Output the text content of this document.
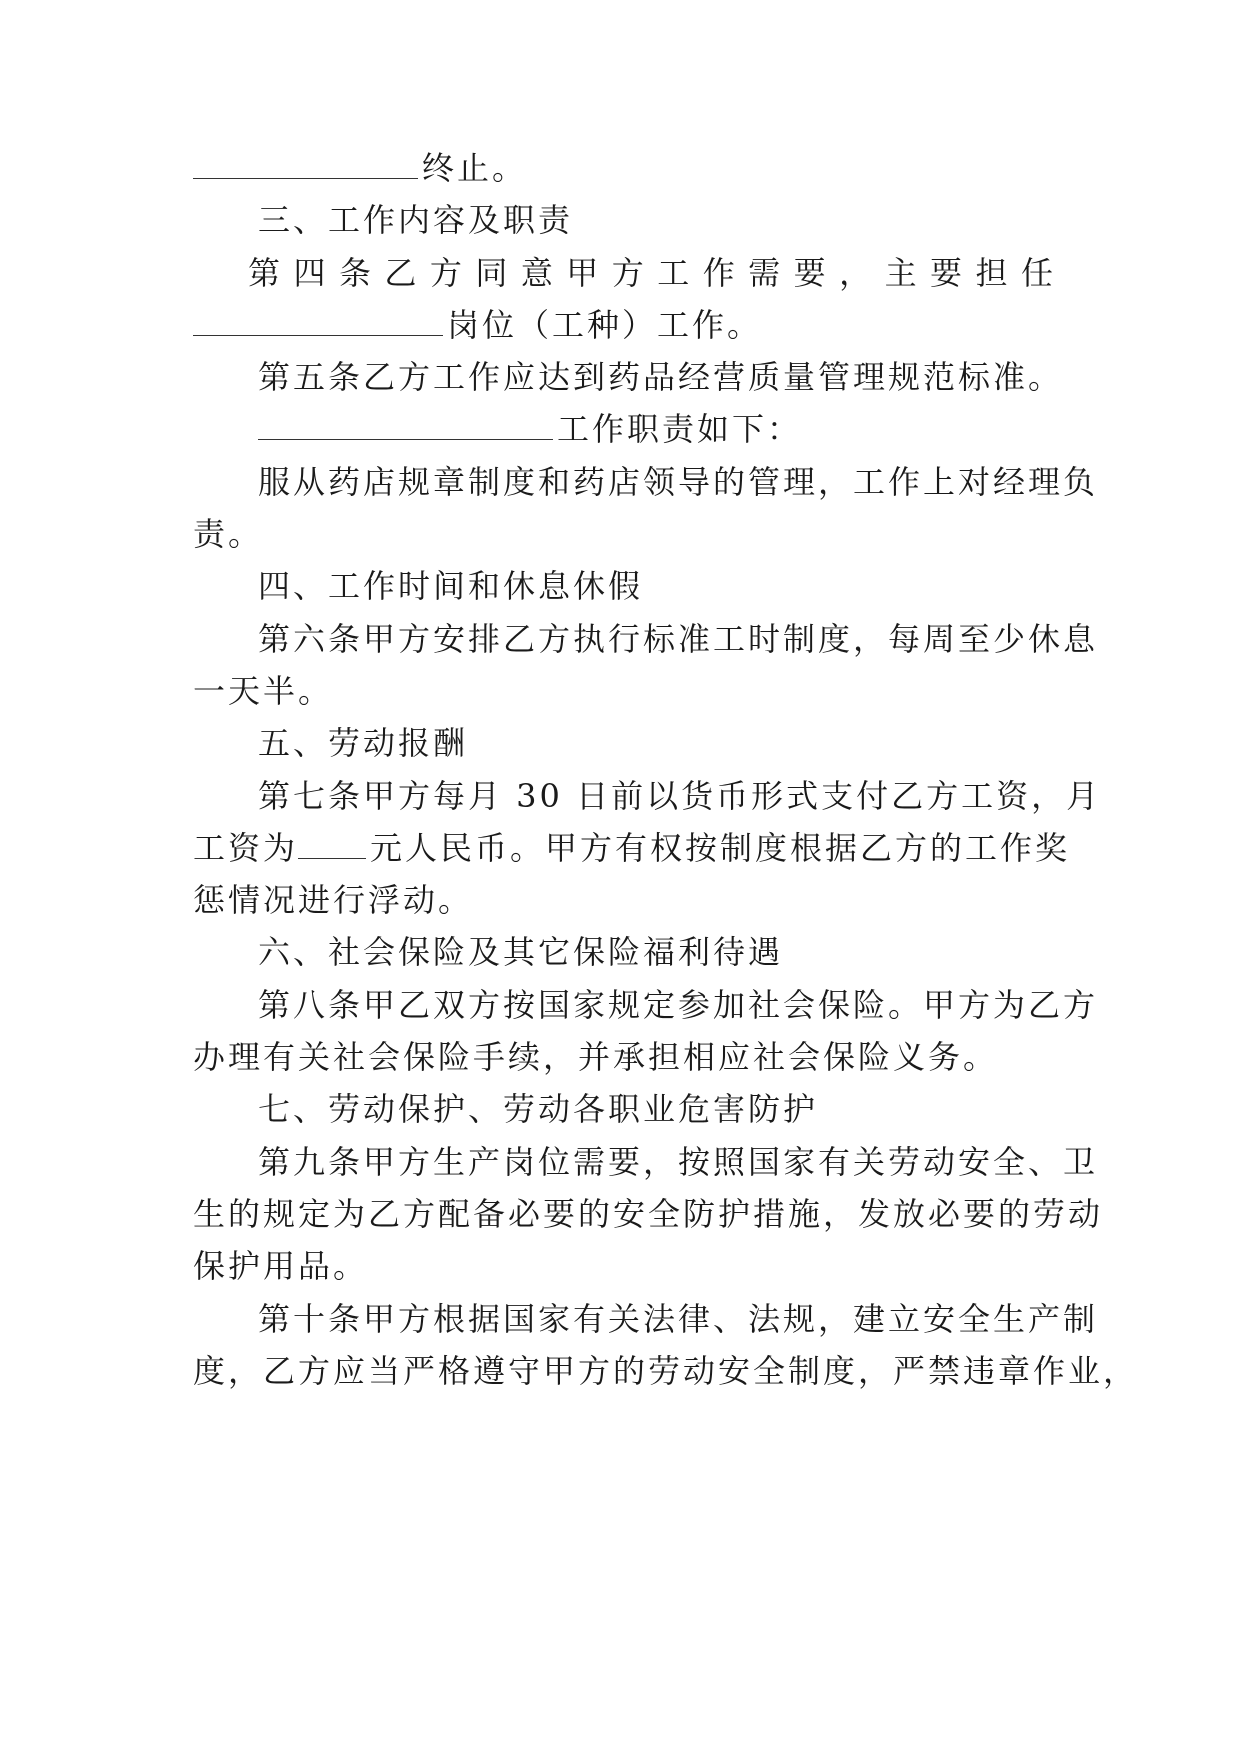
终止。
三、工作内容及职责
第四条乙方同意甲方工作需要，主要担任
岗位（工种）工作。
第五条乙方工作应达到药品经营质量管理规范标准。
工作职责如下：
服从药店规章制度和药店领导的管理，工作上对经理负
责。
四、工作时间和休息休假
第六条甲方安排乙方执行标准工时制度，每周至少休息
一天半。
五、劳动报酬
第七条甲方每月 30 日前以货币形式支付乙方工资，月
工资为 元人民币。甲方有权按制度根据乙方的工作奖
惩情况进行浮动。
六、社会保险及其它保险福利待遇
第八条甲乙双方按国家规定参加社会保险。甲方为乙方
办理有关社会保险手续，并承担相应社会保险义务。
七、劳动保护、劳动各职业危害防护
第九条甲方生产岗位需要，按照国家有关劳动安全、卫
生的规定为乙方配备必要的安全防护措施，发放必要的劳动
保护用品。
第十条甲方根据国家有关法律、法规，建立安全生产制
度，乙方应当严格遵守甲方的劳动安全制度，严禁违章作业，
